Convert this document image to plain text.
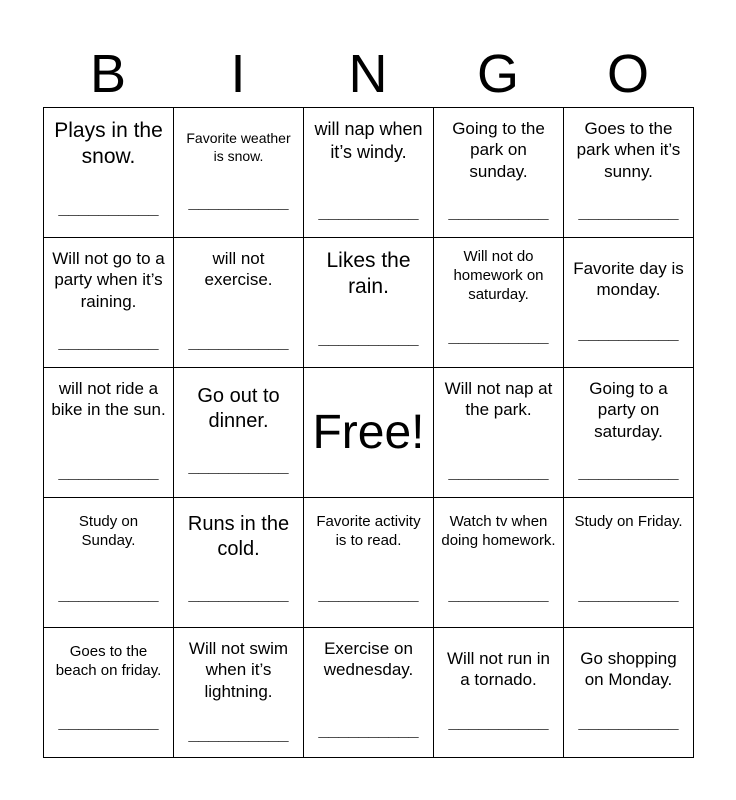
B	I	N	G	O
Plays in the snow.
__________
Favorite weather is snow.
__________
will nap when it’s windy.
__________
Going to the park on sunday.
__________
Goes to the park when it’s sunny.
__________
Will not go to a party when it’s raining.
__________
will not exercise.
__________
Likes the rain.
__________
Will not do homework on saturday.
__________
Favorite day is monday.
__________
will not ride a bike in the sun.
__________
Go out to dinner.
__________
Free!
Will not nap at the park.
__________
Going to a party on saturday.
__________
Study on Sunday.
__________
Runs in the cold.
__________
Favorite activity is to read.
__________
Watch tv when doing homework.
__________
Study on Friday.
__________
Goes to the beach on friday.
__________
Will not swim when it’s lightning.
__________
Exercise on wednesday.
__________
Will not run in a tornado.
__________
Go shopping on Monday.
__________
